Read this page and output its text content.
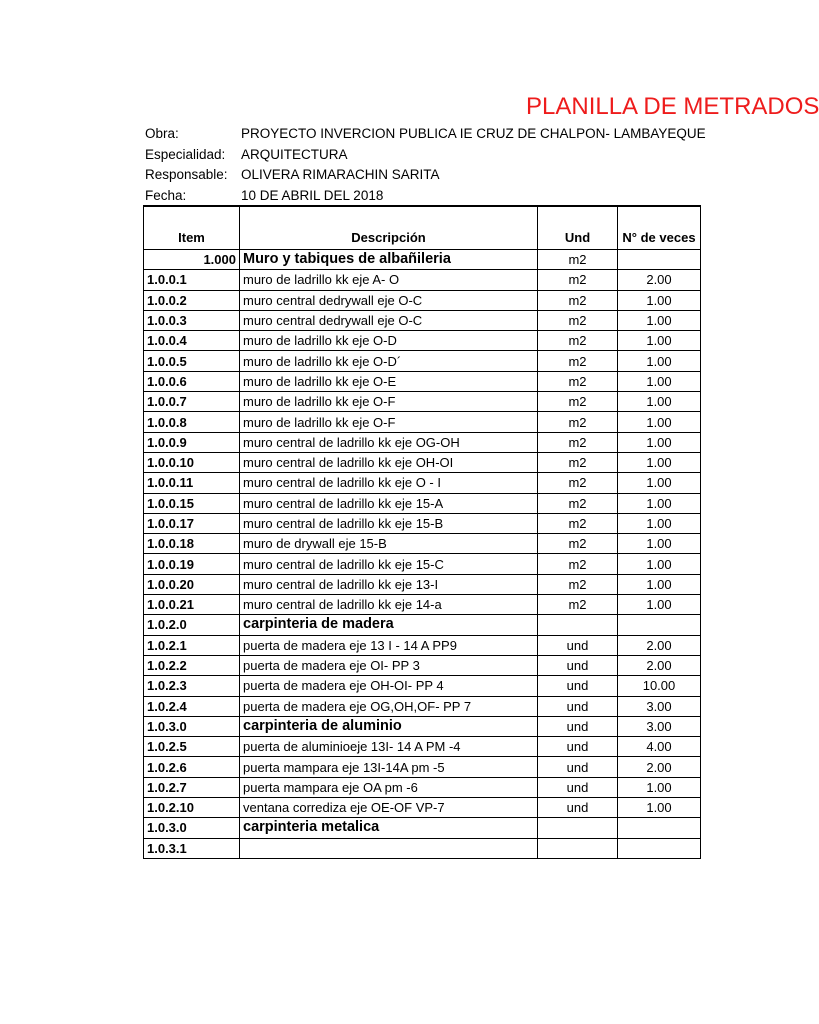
PLANILLA DE METRADOS
Obra:	PROYECTO INVERCION PUBLICA IE CRUZ DE CHALPON- LAMBAYEQUE
Especialidad: ARQUITECTURA
Responsable: OLIVERA RIMARACHIN SARITA
Fecha:	10 DE ABRIL DEL 2018
Item	Descripción	Und	N° de veces
1.000	Muro y tabiques de albañileria	m2	
1.0.0.1	muro de ladrillo kk eje A- O	m2	2.00
1.0.0.2	muro central dedrywall eje O-C	m2	1.00
1.0.0.3	muro central dedrywall eje O-C	m2	1.00
1.0.0.4	muro de ladrillo kk eje O-D	m2	1.00
1.0.0.5	muro de ladrillo kk eje O-D´	m2	1.00
1.0.0.6	muro de ladrillo kk eje O-E	m2	1.00
1.0.0.7	muro de ladrillo kk eje O-F	m2	1.00
1.0.0.8	muro de ladrillo kk eje O-F	m2	1.00
1.0.0.9	muro central de ladrillo kk eje OG-OH	m2	1.00
1.0.0.10	muro central de ladrillo kk eje OH-OI	m2	1.00
1.0.0.11	muro central de ladrillo kk eje O - I	m2	1.00
1.0.0.15	muro central de ladrillo kk eje 15-A	m2	1.00
1.0.0.17	muro central de ladrillo kk eje 15-B	m2	1.00
1.0.0.18	muro de drywall eje 15-B	m2	1.00
1.0.0.19	muro central de ladrillo kk eje 15-C	m2	1.00
1.0.0.20	muro central de ladrillo kk eje 13-I	m2	1.00
1.0.0.21	muro central de ladrillo kk eje 14-a	m2	1.00
1.0.2.0	carpinteria de madera		
1.0.2.1	puerta de madera eje 13 I - 14 A PP9	und	2.00
1.0.2.2	puerta de madera eje OI- PP 3	und	2.00
1.0.2.3	puerta de madera eje OH-OI- PP 4	und	10.00
1.0.2.4	puerta de madera eje OG,OH,OF- PP 7	und	3.00
1.0.3.0	carpinteria de aluminio	und	3.00
1.0.2.5	puerta de aluminioeje 13I- 14 A PM -4	und	4.00
1.0.2.6	puerta mampara eje 13I-14A pm -5	und	2.00
1.0.2.7	puerta mampara eje OA pm -6	und	1.00
1.0.2.10	ventana corrediza eje OE-OF VP-7	und	1.00
1.0.3.0	carpinteria metalica		
1.0.3.1			
